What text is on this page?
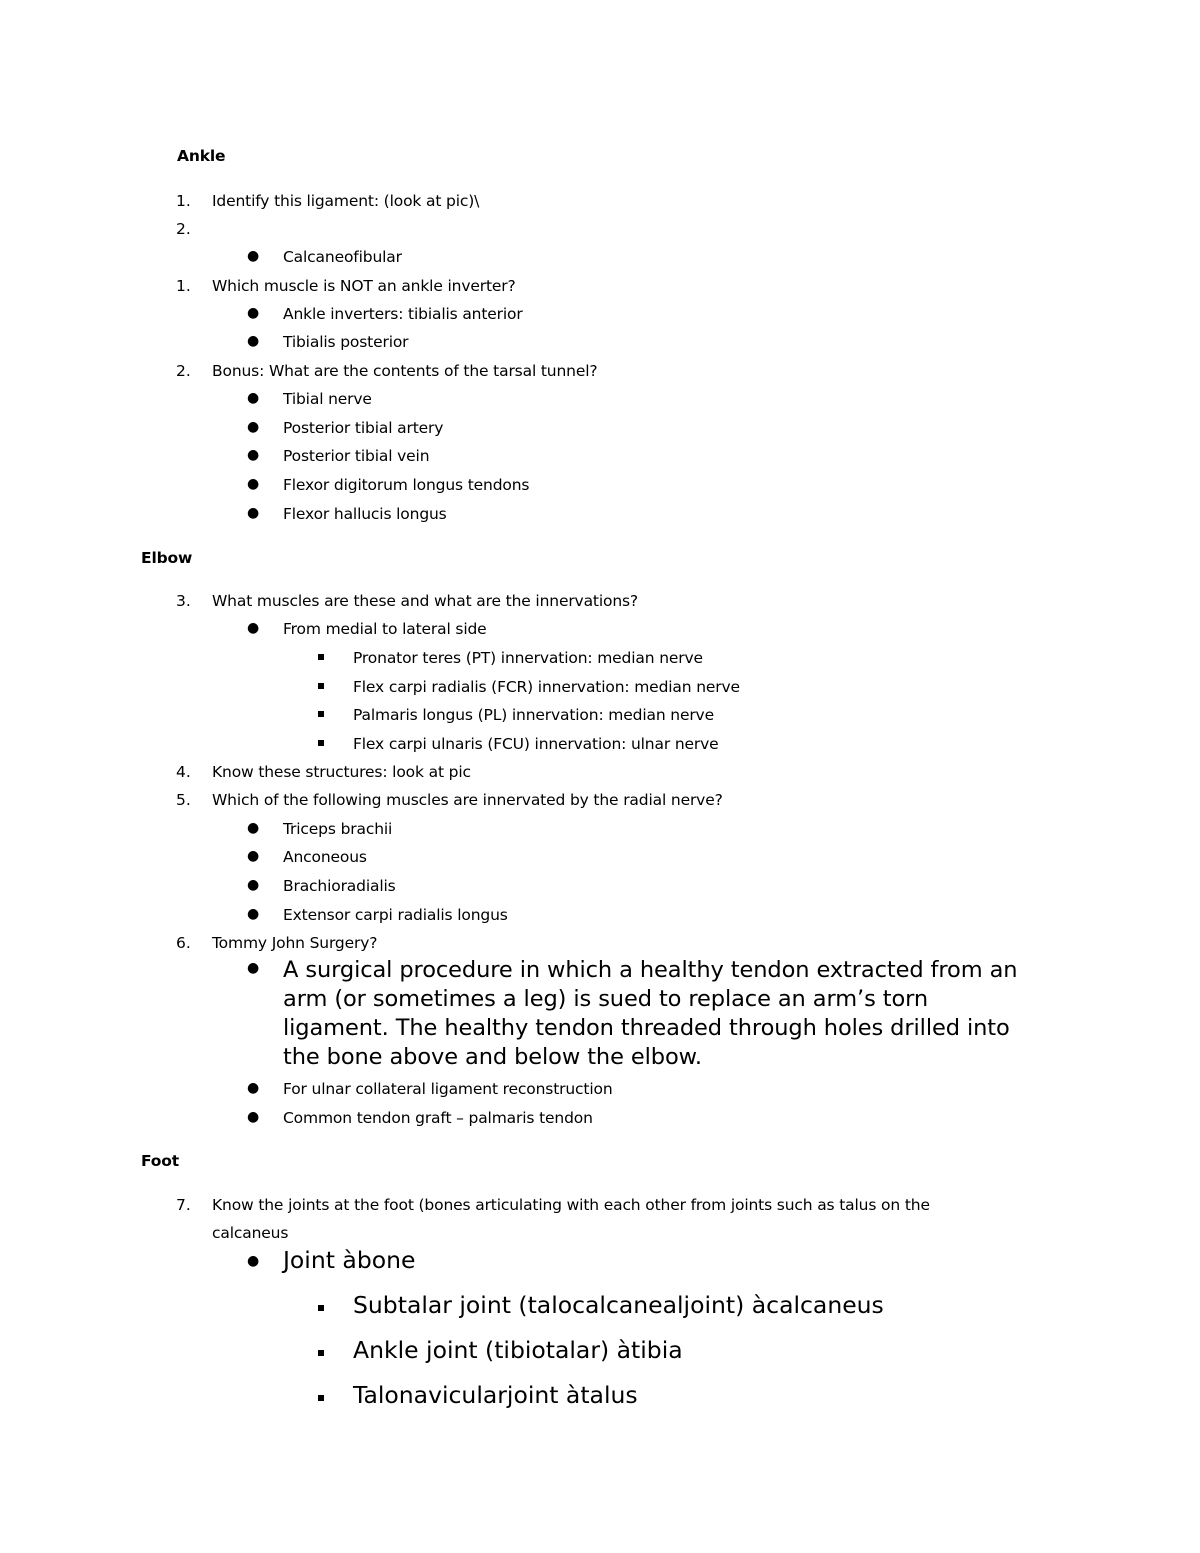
Ankle
1. Identify this ligament: (look at pic)\
2.
● Calcaneofibular
1. Which muscle is NOT an ankle inverter?
● Ankle inverters: tibialis anterior
● Tibialis posterior
2. Bonus: What are the contents of the tarsal tunnel?
● Tibial nerve
● Posterior tibial artery
● Posterior tibial vein
● Flexor digitorum longus tendons
● Flexor hallucis longus
Elbow
3. What muscles are these and what are the innervations?
● From medial to lateral side
Pronator teres (PT) innervation: median nerve
Flex carpi radialis (FCR) innervation: median nerve
Palmaris longus (PL) innervation: median nerve
Flex carpi ulnaris (FCU) innervation: ulnar nerve
4. Know these structures: look at pic
5. Which of the following muscles are innervated by the radial nerve?
● Triceps brachii
● Anconeous
● Brachioradialis
● Extensor carpi radialis longus
6. Tommy John Surgery?
● A surgical procedure in which a healthy tendon extracted from an
arm (or sometimes a leg) is sued to replace an arm’s torn
ligament. The healthy tendon threaded through holes drilled into
the bone above and below the elbow.
● For ulnar collateral ligament reconstruction
● Common tendon graft – palmaris tendon
Foot
7. Know the joints at the foot (bones articulating with each other from joints such as talus on the
calcaneus
● Joint àbone
Subtalar joint (talocalcanealjoint) àcalcaneus
Ankle joint (tibiotalar) àtibia
Talonavicularjoint àtalus
